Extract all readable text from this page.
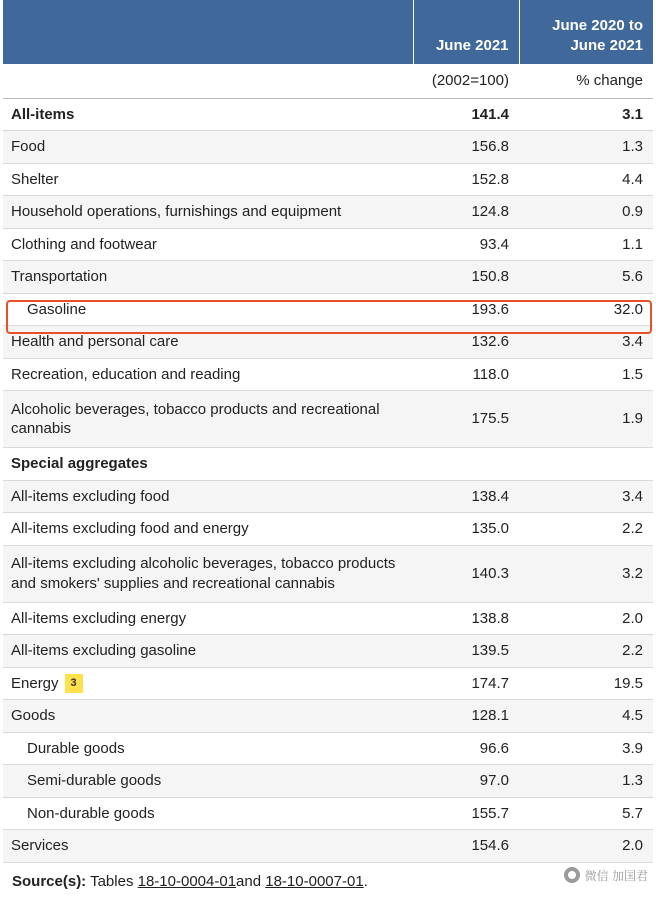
	June 2021	June 2020 to June 2021
	(2002=100)	% change
All-items	141.4	3.1
Food	156.8	1.3
Shelter	152.8	4.4
Household operations, furnishings and equipment	124.8	0.9
Clothing and footwear	93.4	1.1
Transportation	150.8	5.6
Gasoline	193.6	32.0
Health and personal care	132.6	3.4
Recreation, education and reading	118.0	1.5
Alcoholic beverages, tobacco products and recreational cannabis	175.5	1.9
Special aggregates		
All-items excluding food	138.4	3.4
All-items excluding food and energy	135.0	2.2
All-items excluding alcoholic beverages, tobacco products and smokers' supplies and recreational cannabis	140.3	3.2
All-items excluding energy	138.8	2.0
All-items excluding gasoline	139.5	2.2
Energy 3	174.7	19.5
Goods	128.1	4.5
Durable goods	96.6	3.9
Semi-durable goods	97.0	1.3
Non-durable goods	155.7	5.7
Services	154.6	2.0
Source(s): Tables 18-10-0004-01and 18-10-0007-01.	微信 加国君
